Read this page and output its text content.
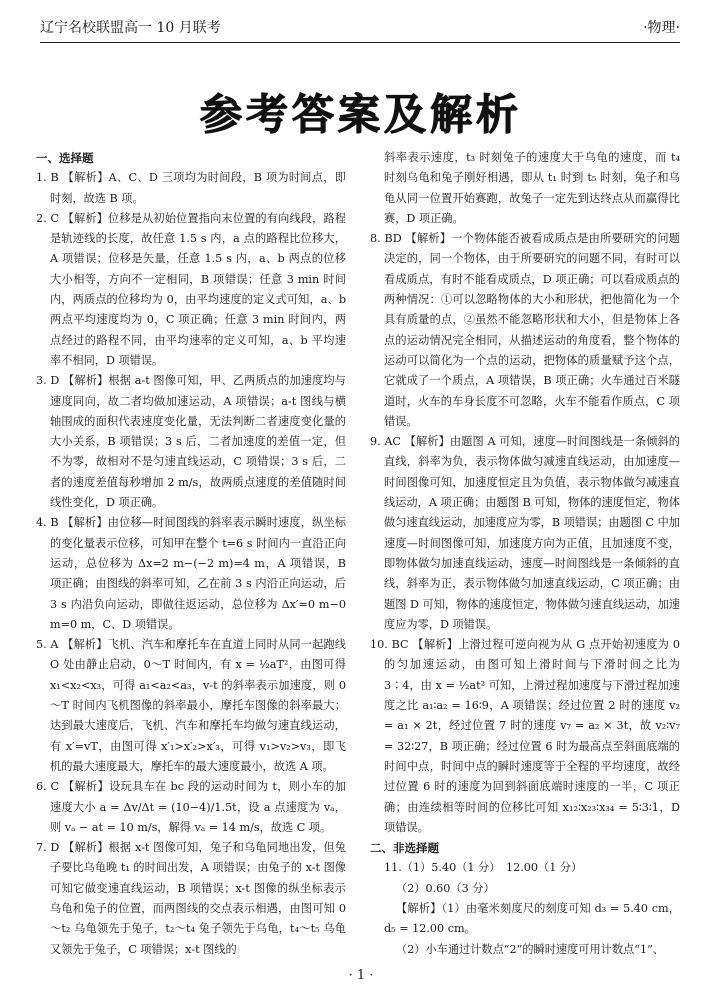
辽宁名校联盟高一 10 月联考	·物理·
参考答案及解析
一、选择题

1. B 【解析】A、C、D 三项均为时间段，B 项为时间点，即时刻，故选 B 项。

2. C 【解析】位移是从初始位置指向末位置的有向线段，路程是轨迹线的长度，故任意 1.5 s 内，a 点的路程比位移大，A 项错误；位移是矢量，任意 1.5 s 内，a、b 两点的位移大小相等，方向不一定相同，B 项错误；任意 3 min 时间内，两质点的位移均为 0，由平均速度的定义式可知，a、b 两点平均速度均为 0，C 项正确；任意 3 min 时间内，两点经过的路程不同，由平均速率的定义可知，a、b 平均速率不相同，D 项错误。

3. D 【解析】根据 a-t 图像可知，甲、乙两质点的加速度均与速度同向，故二者均做加速运动，A 项错误；a-t 图线与横轴围成的面积代表速度变化量，无法判断二者速度变化量的大小关系，B 项错误；3 s 后，二者加速度的差值一定，但不为零，故相对不是匀速直线运动，C 项错误；3 s 后，二者的速度差值每秒增加 2 m/s，故两质点速度的差值随时间线性变化，D 项正确。

4. B 【解析】由位移—时间图线的斜率表示瞬时速度，纵坐标的变化量表示位移，可知甲在整个 t=6 s 时间内一直沿正向运动，总位移为 Δx=2 m−(−2 m)=4 m，A 项错误，B 项正确；由图线的斜率可知，乙在前 3 s 内沿正向运动，后 3 s 内沿负向运动，即做往返运动，总位移为 Δx′=0 m−0 m=0 m，C、D 项错误。

5. A 【解析】飞机、汽车和摩托车在直道上同时从同一起跑线 O 处由静止启动，0～T 时间内，有 x = ½aT²，由图可得 x₁<x₂<x₃，可得 a₁<a₂<a₃，v-t 的斜率表示加速度，则 0～T 时间内飞机图像的斜率最小，摩托车图像的斜率最大；达到最大速度后，飞机、汽车和摩托车均做匀速直线运动，有 x′=vT，由图可得 x′₁>x′₂>x′₃，可得 v₁>v₂>v₃，即飞机的最大速度最大，摩托车的最大速度最小，故选 A 项。

6. C 【解析】设玩具车在 bc 段的运动时间为 t，则小车的加速度大小 a = Δv/Δt = (10−4)/1.5t，设 a 点速度为 vₐ，则 vₐ − at = 10 m/s，解得 vₐ = 14 m/s，故选 C 项。

7. D 【解析】根据 x-t 图像可知，兔子和乌龟同地出发，但兔子要比乌龟晚 t₁ 的时间出发，A 项错误；由兔子的 x-t 图像可知它做变速直线运动，B 项错误；x-t 图像的纵坐标表示乌龟和兔子的位置，而两图线的交点表示相遇，由图可知 0～t₂ 乌龟领先于兔子，t₂～t₄ 兔子领先于乌龟，t₄～t₅ 乌龟又领先于兔子，C 项错误；x-t 图线的

斜率表示速度，t₃ 时刻兔子的速度大于乌龟的速度，而 t₄ 时刻乌龟和兔子刚好相遇，即从 t₁ 时到 t₅ 时刻，兔子和乌龟从同一位置开始赛跑，故兔子一定先到达终点从而赢得比赛，D 项正确。

8. BD 【解析】一个物体能否被看成质点是由所要研究的问题决定的，同一个物体，由于所要研究的问题不同，有时可以看成质点，有时不能看成质点，D 项正确；可以看成质点的两种情况：①可以忽略物体的大小和形状，把他简化为一个具有质量的点，②虽然不能忽略形状和大小，但是物体上各点的运动情况完全相同，从描述运动的角度看，整个物体的运动可以简化为一个点的运动，把物体的质量赋予这个点，它就成了一个质点，A 项错误，B 项正确；火车通过百米隧道时，火车的车身长度不可忽略，火车不能看作质点，C 项错误。

9. AC 【解析】由题图 A 可知，速度—时间图线是一条倾斜的直线，斜率为负，表示物体做匀减速直线运动，由加速度—时间图像可知，加速度恒定且为负值，表示物体做匀减速直线运动，A 项正确；由题图 B 可知，物体的速度恒定，物体做匀速直线运动，加速度应为零，B 项错误；由题图 C 中加速度—时间图像可知，加速度方向为正值，且加速度不变，即物体做匀加速直线运动，速度—时间图线是一条倾斜的直线，斜率为正，表示物体做匀加速直线运动，C 项正确；由题图 D 可知，物体的速度恒定，物体做匀速直线运动，加速度应为零，D 项错误。

10. BC 【解析】上滑过程可逆向视为从 G 点开始初速度为 0 的匀加速运动，由图可知上滑时间与下滑时间之比为 3∶4，由 x = ½at² 可知，上滑过程加速度与下滑过程加速度之比 a₁∶a₂ = 16∶9，A 项错误；经过位置 2 时的速度 v₂ = a₁ × 2t，经过位置 7 时的速度 v₇ = a₂ × 3t，故 v₂∶v₇ = 32∶27，B 项正确；经过位置 6 时为最高点至斜面底端的时间中点，时间中点的瞬时速度等于全程的平均速度，故经过位置 6 时的速度为回到斜面底端时速度的一半，C 项正确；由连续相等时间的位移比可知 x₁₂∶x₂₃∶x₃₄ = 5∶3∶1，D 项错误。

二、非选择题

11.（1）5.40（1 分）　12.00（1 分）

（2）0.60（3 分）

【解析】（1）由毫米刻度尺的刻度可知 d₃ = 5.40 cm，d₅ = 12.00 cm。

（2）小车通过计数点“2”的瞬时速度可用计数点“1”、

· 1 ·
